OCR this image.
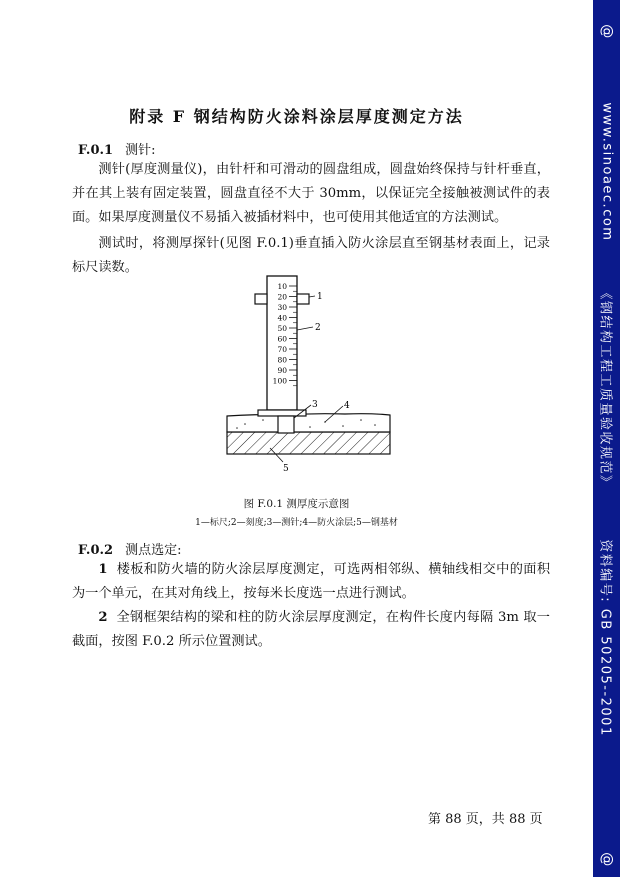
@
www.sinoaec.com
《钢结构工程工质量验收规范》
资料编号: GB 50205--2001
@
附录 F 钢结构防火涂料涂层厚度测定方法
F.0.1 测针:

测针(厚度测量仪)，由针杆和可滑动的圆盘组成，圆盘始终保持与针杆垂直，并在其上装有固定装置，圆盘直径不大于 30mm，以保证完全接触被测试件的表面。如果厚度测量仪不易插入被插材料中，也可使用其他适宜的方法测试。

测试时，将测厚探针(见图 F.0.1)垂直插入防火涂层直至钢基材表面上，记录标尺读数。

10
20
30
40
50
60
70
80
90
100
1
2
3	4
5
图 F.0.1 测厚度示意图
1—标尺;2—刻度;3—测针;4—防火涂层;5—钢基材
F.0.2 测点选定:

1 楼板和防火墙的防火涂层厚度测定，可选两相邻纵、横轴线相交中的面积为一个单元，在其对角线上，按每米长度选一点进行测试。

2 全钢框架结构的梁和柱的防火涂层厚度测定，在构件长度内每隔 3m 取一截面，按图 F.0.2 所示位置测试。

第 88 页，共 88 页
